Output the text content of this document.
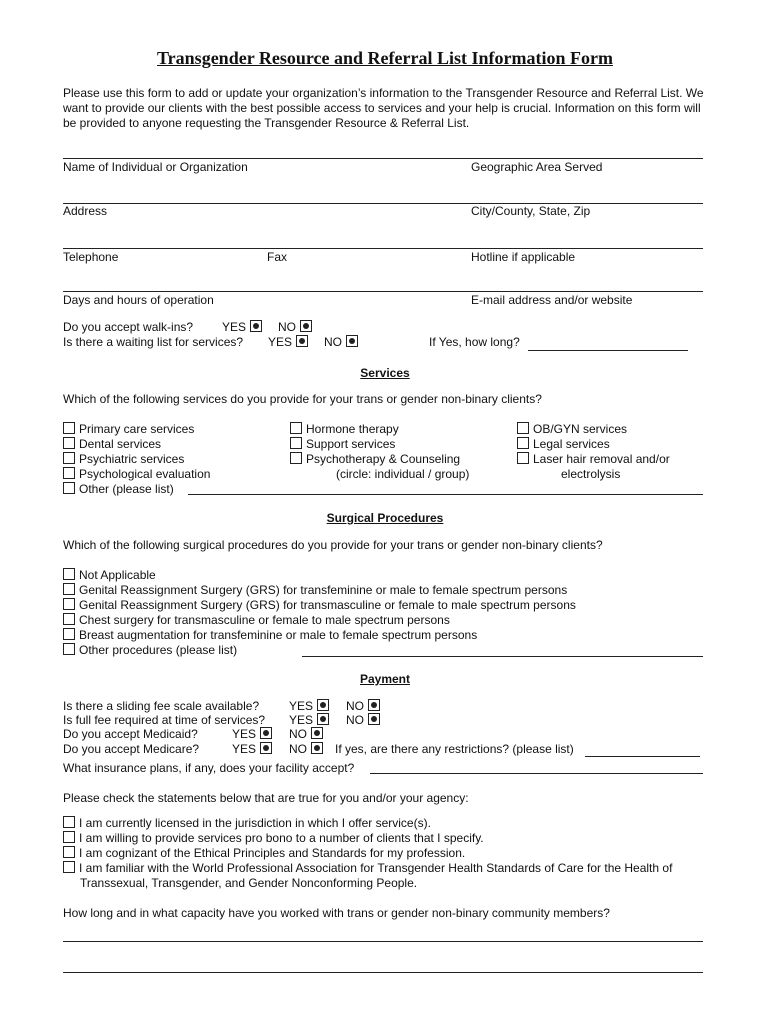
Transgender Resource and Referral List Information Form
Please use this form to add or update your organization’s information to the Transgender Resource and Referral List. We want to provide our clients with the best possible access to services and your help is crucial. Information on this form will be provided to anyone requesting the Transgender Resource & Referral List.
Name of Individual or Organization	Geographic Area Served
Address	City/County, State, Zip
Telephone	Fax	Hotline if applicable
Days and hours of operation	E-mail address and/or website
Do you accept walk-ins? YES	NO
Is there a waiting list for services? YES	NO	If Yes, how long?
Services
Which of the following services do you provide for your trans or gender non-binary clients?
Primary care services
Dental services
Psychiatric services
Psychological evaluation
Other (please list)
Hormone therapy
Support services
Psychotherapy & Counseling
(circle: individual / group)
OB/GYN services
Legal services
Laser hair removal and/or
electrolysis
Surgical Procedures
Which of the following surgical procedures do you provide for your trans or gender non-binary clients?
Not Applicable
Genital Reassignment Surgery (GRS) for transfeminine or male to female spectrum persons
Genital Reassignment Surgery (GRS) for transmasculine or female to male spectrum persons
Chest surgery for transmasculine or female to male spectrum persons
Breast augmentation for transfeminine or male to female spectrum persons
Other procedures (please list)
Payment
Is there a sliding fee scale available? YES	NO
Is full fee required at time of services? YES	NO
Do you accept Medicaid?	YES	NO
Do you accept Medicare?	YES	NO	If yes, are there any restrictions? (please list)
What insurance plans, if any, does your facility accept?
Please check the statements below that are true for you and/or your agency:
I am currently licensed in the jurisdiction in which I offer service(s).
I am willing to provide services pro bono to a number of clients that I specify.
I am cognizant of the Ethical Principles and Standards for my profession.
I am familiar with the World Professional Association for Transgender Health Standards of Care for the Health of
Transsexual, Transgender, and Gender Nonconforming People.
How long and in what capacity have you worked with trans or gender non-binary community members?
